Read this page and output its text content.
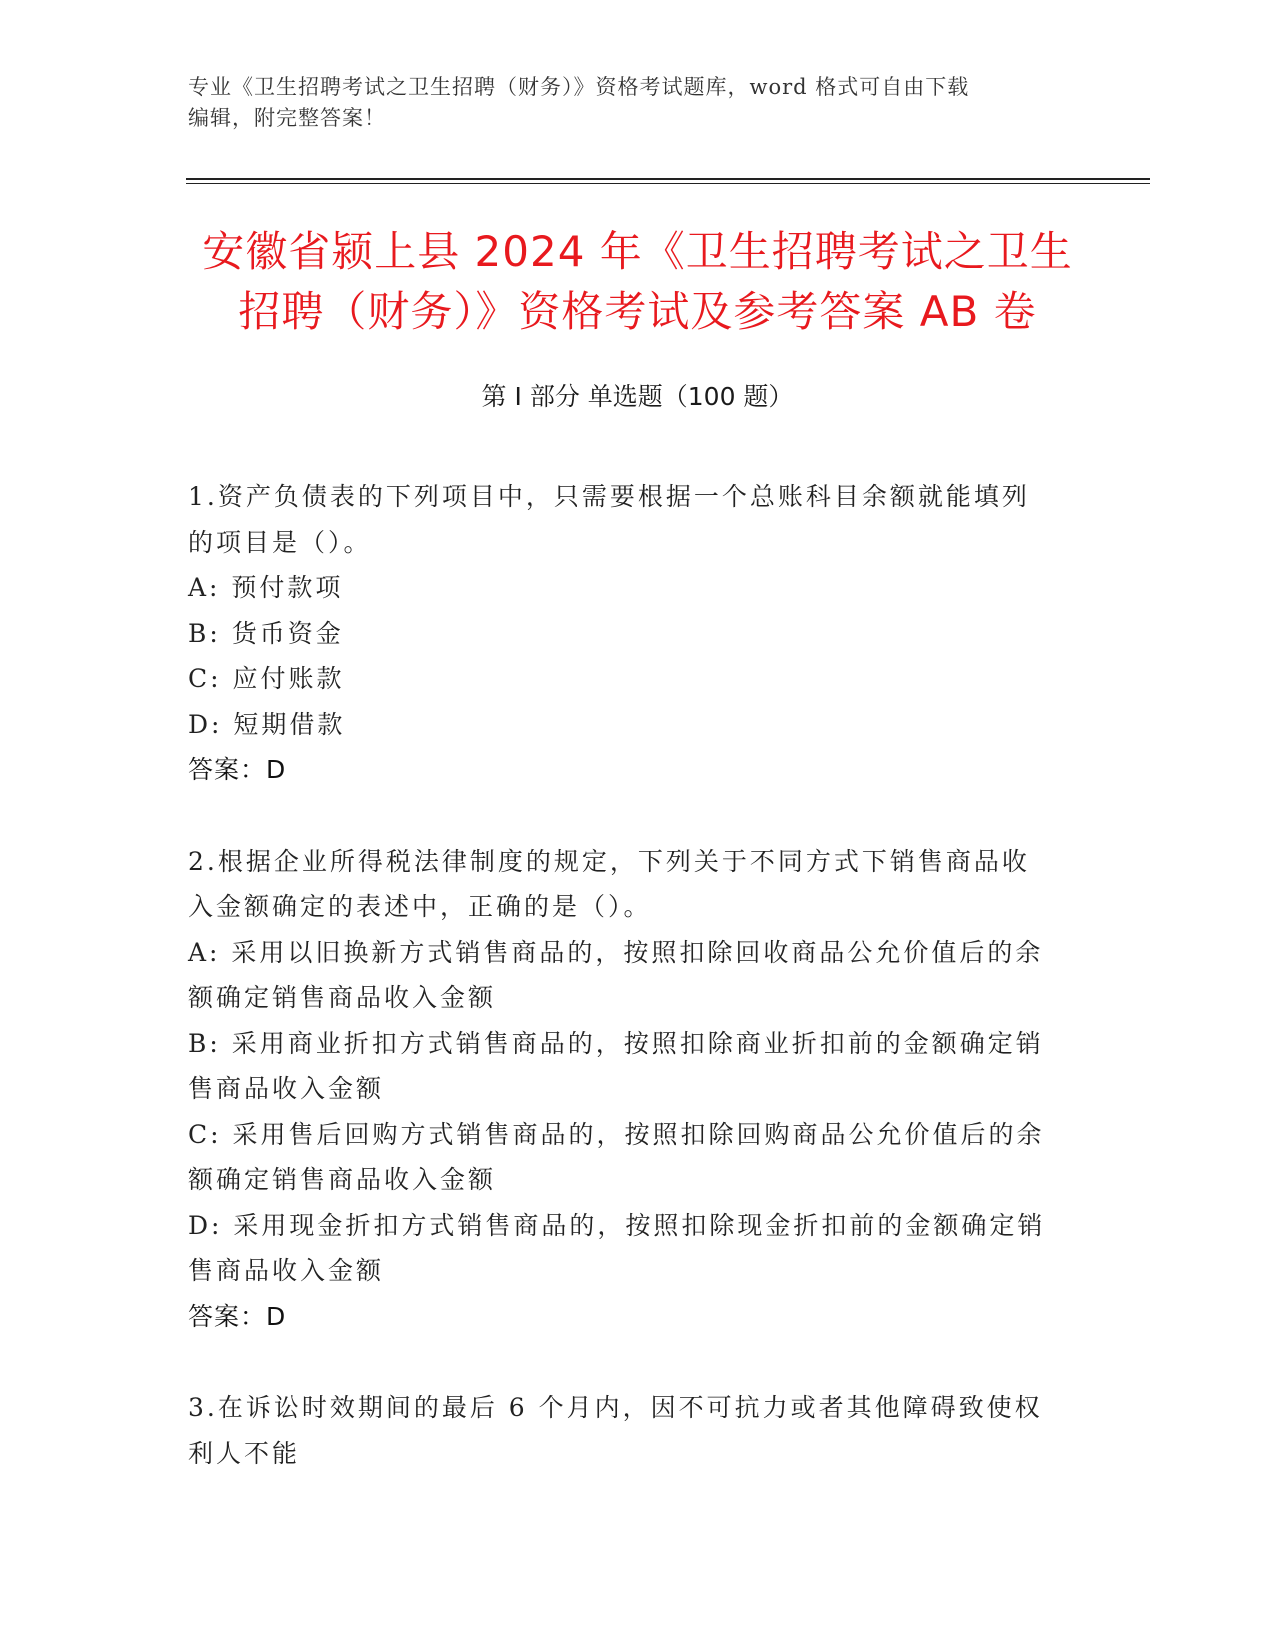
专业《卫生招聘考试之卫生招聘（财务）》资格考试题库，word 格式可自由下载
编辑，附完整答案！
安徽省颍上县 2024 年《卫生招聘考试之卫生
招聘（财务）》资格考试及参考答案 AB 卷
第 I 部分 单选题（100 题）
1.资产负债表的下列项目中，只需要根据一个总账科目余额就能填列
的项目是（）。
A: 预付款项
B: 货币资金
C: 应付账款
D: 短期借款
答案：D
2.根据企业所得税法律制度的规定，下列关于不同方式下销售商品收
入金额确定的表述中，正确的是（）。
A: 采用以旧换新方式销售商品的，按照扣除回收商品公允价值后的余
额确定销售商品收入金额
B: 采用商业折扣方式销售商品的，按照扣除商业折扣前的金额确定销
售商品收入金额
C: 采用售后回购方式销售商品的，按照扣除回购商品公允价值后的余
额确定销售商品收入金额
D: 采用现金折扣方式销售商品的，按照扣除现金折扣前的金额确定销
售商品收入金额
答案：D
3.在诉讼时效期间的最后 6 个月内，因不可抗力或者其他障碍致使权
利人不能
